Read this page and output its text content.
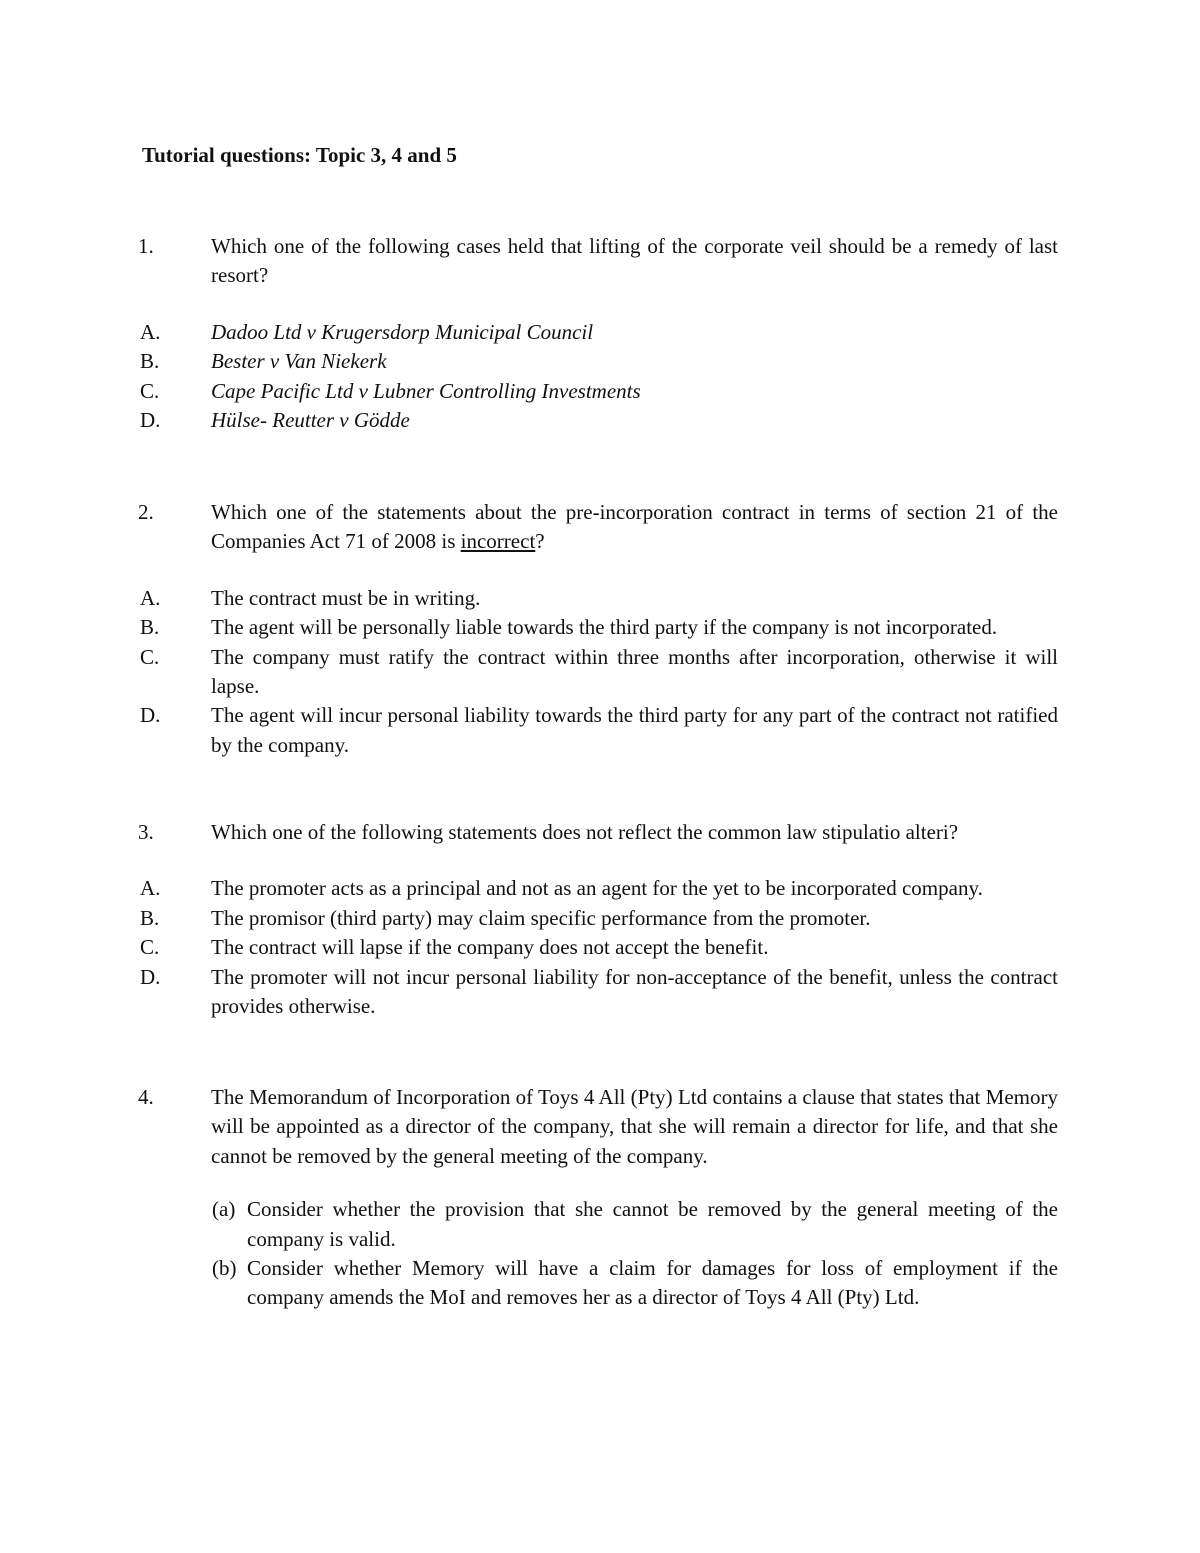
Tutorial questions: Topic 3, 4 and 5
1.	Which one of the following cases held that lifting of the corporate veil should be a remedy of last resort?
A.	Dadoo Ltd v Krugersdorp Municipal Council
B.	Bester v Van Niekerk
C.	Cape Pacific Ltd v Lubner Controlling Investments
D.	Hülse- Reutter v Gödde
2.	Which one of the statements about the pre-incorporation contract in terms of section 21 of the Companies Act 71 of 2008 is incorrect?
A.	The contract must be in writing.
B.	The agent will be personally liable towards the third party if the company is not incorporated.
C.	The company must ratify the contract within three months after incorporation, otherwise it will lapse.
D.	The agent will incur personal liability towards the third party for any part of the contract not ratified by the company.
3.	Which one of the following statements does not reflect the common law stipulatio alteri?
A.	The promoter acts as a principal and not as an agent for the yet to be incorporated company.
B.	The promisor (third party) may claim specific performance from the promoter.
C.	The contract will lapse if the company does not accept the benefit.
D.	The promoter will not incur personal liability for non-acceptance of the benefit, unless the contract provides otherwise.
4.	The Memorandum of Incorporation of Toys 4 All (Pty) Ltd contains a clause that states that Memory will be appointed as a director of the company, that she will remain a director for life, and that she cannot be removed by the general meeting of the company.
(a) Consider whether the provision that she cannot be removed by the general meeting of the company is valid.
(b) Consider whether Memory will have a claim for damages for loss of employment if the company amends the MoI and removes her as a director of Toys 4 All (Pty) Ltd.
